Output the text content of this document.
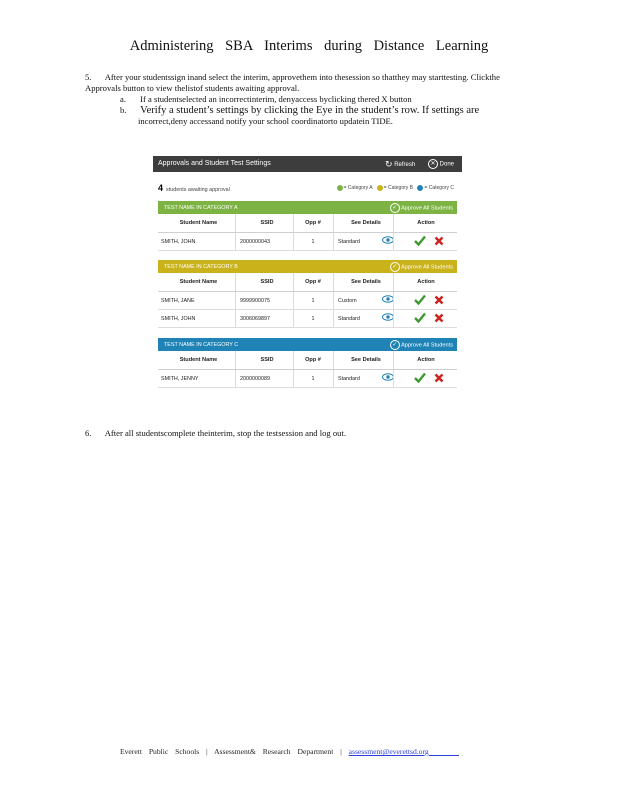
Administering SBA Interims during Distance Learning
5. After your studentssign inand select the interim, approvethem into thesession so thatthey may starttesting. Clickthe Approvals button to view thelistof students awaiting approval.
a. If a studentselected an incorrectinterim, denyaccess byclicking thered X button
b. Verify a student’s settings by clicking the Eye in the student’s row. If settings are
incorrect,deny accessand notify your school coordinatorto updatein TIDE.
Approvals and Student Test Settings	↻ Refresh	✕ Done
4 students awaiting approval	= Category A = Category B = Category C
TEST NAME IN CATEGORY A	✓ Approve All Students
Student Name	SSID	Opp #	See Details	Action
SMITH, JOHN	2000000043	1	Standard
TEST NAME IN CATEGORY B	✓ Approve All Students
Student Name	SSID	Opp #	See Details	Action
SMITH, JANE	9999900075	1	Custom
SMITH, JOHN	3006069897	1	Standard
TEST NAME IN CATEGORY C	✓ Approve All Students
Student Name	SSID	Opp #	See Details	Action
SMITH, JENNY	2000000089	1	Standard
6. After all studentscomplete theinterim, stop the testsession and log out.
Everett Public Schools | Assessment& Research Department | assessment@everettsd.org
